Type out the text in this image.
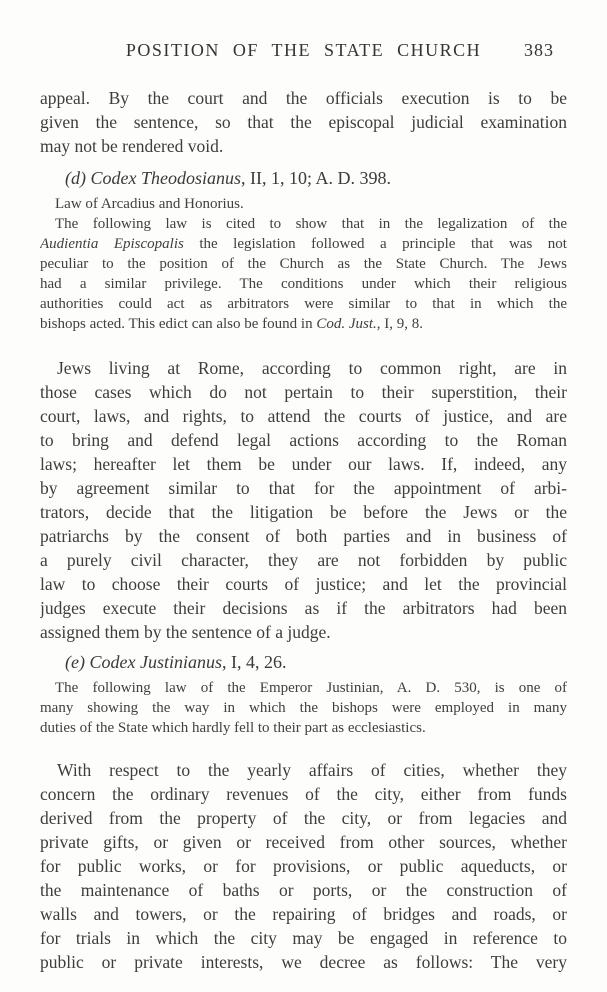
POSITION OF THE STATE CHURCH 383
appeal. By the court and the officials execution is to be
given the sentence, so that the episcopal judicial examination
may not be rendered void.
(d) Codex Theodosianus, II, 1, 10; A. D. 398.
Law of Arcadius and Honorius.
The following law is cited to show that in the legalization of the
Audientia Episcopalis the legislation followed a principle that was not
peculiar to the position of the Church as the State Church. The Jews
had a similar privilege. The conditions under which their religious
authorities could act as arbitrators were similar to that in which the
bishops acted. This edict can also be found in Cod. Just., I, 9, 8.
Jews living at Rome, according to common right, are in
those cases which do not pertain to their superstition, their
court, laws, and rights, to attend the courts of justice, and are
to bring and defend legal actions according to the Roman
laws; hereafter let them be under our laws. If, indeed, any
by agreement similar to that for the appointment of arbi-
trators, decide that the litigation be before the Jews or the
patriarchs by the consent of both parties and in business of
a purely civil character, they are not forbidden by public
law to choose their courts of justice; and let the provincial
judges execute their decisions as if the arbitrators had been
assigned them by the sentence of a judge.
(e) Codex Justinianus, I, 4, 26.
The following law of the Emperor Justinian, A. D. 530, is one of
many showing the way in which the bishops were employed in many
duties of the State which hardly fell to their part as ecclesiastics.
With respect to the yearly affairs of cities, whether they
concern the ordinary revenues of the city, either from funds
derived from the property of the city, or from legacies and
private gifts, or given or received from other sources, whether
for public works, or for provisions, or public aqueducts, or
the maintenance of baths or ports, or the construction of
walls and towers, or the repairing of bridges and roads, or
for trials in which the city may be engaged in reference to
public or private interests, we decree as follows: The very
